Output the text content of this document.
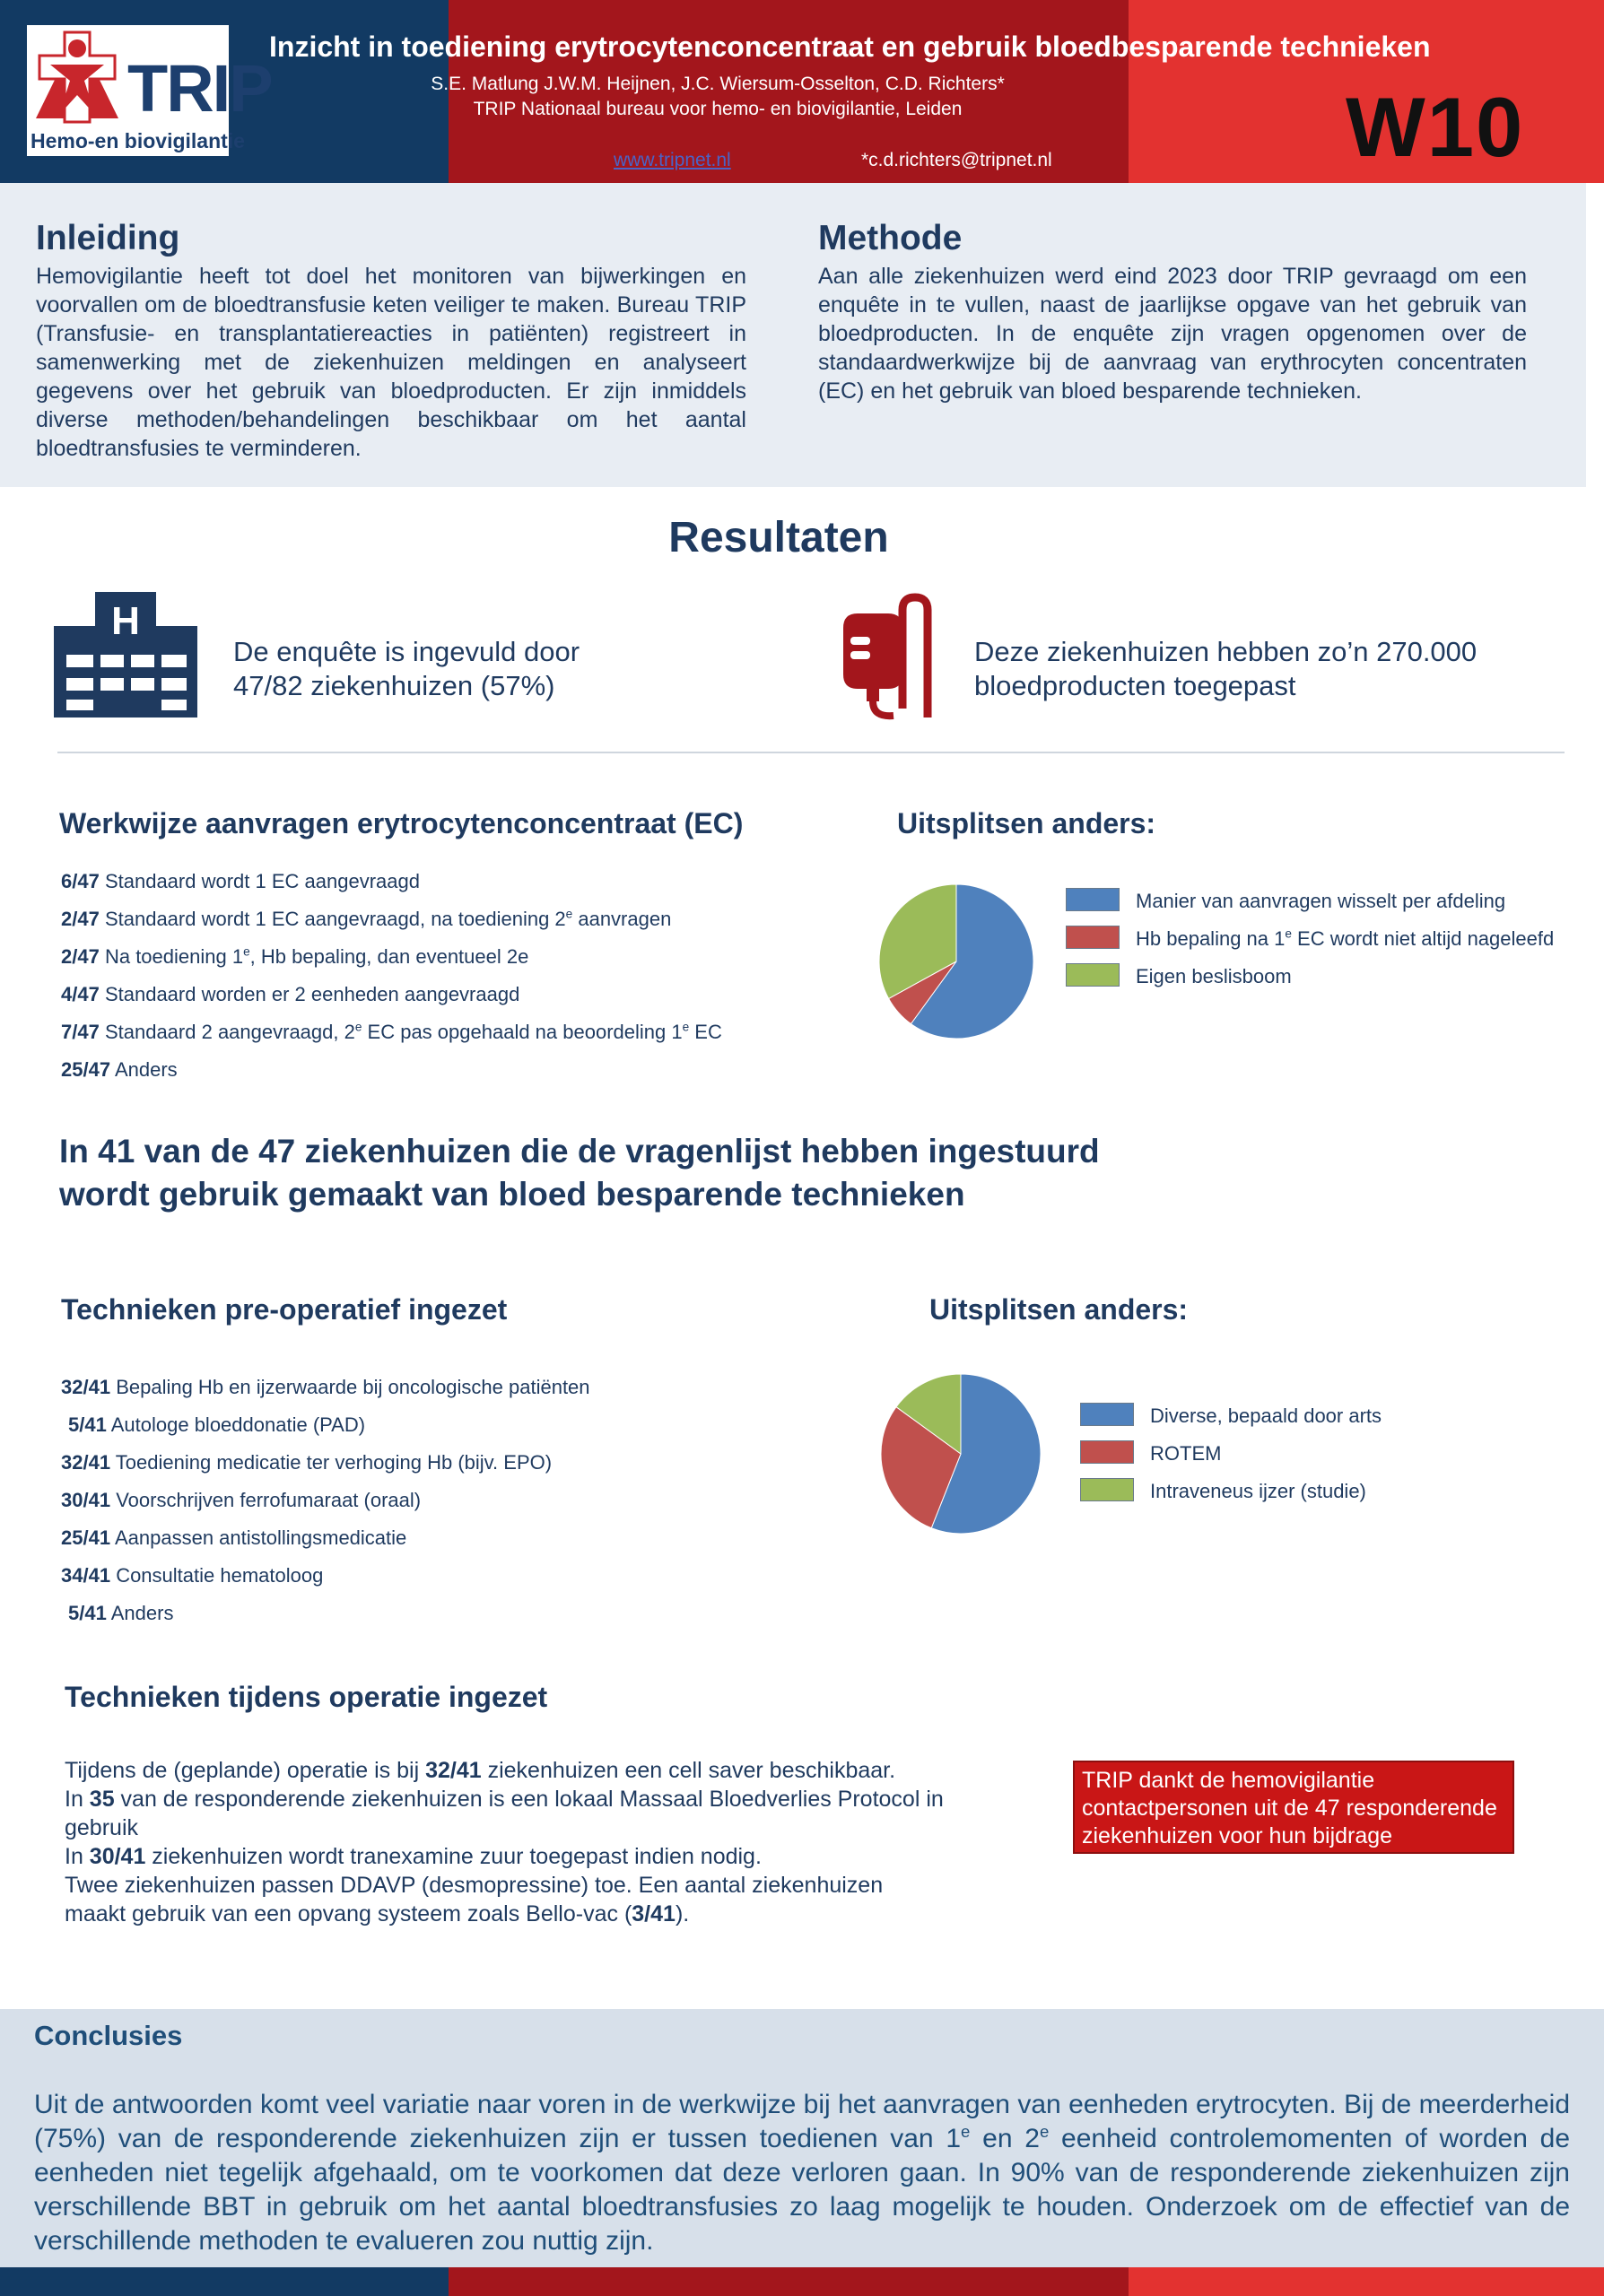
TRIP
Hemo-en biovigilantie
Inzicht in toediening erytrocytenconcentraat en gebruik bloedbesparende technieken
S.E. Matlung J.W.M. Heijnen, J.C. Wiersum-Osselton, C.D. Richters*
TRIP Nationaal bureau voor hemo- en biovigilantie, Leiden
www.tripnet.nl	*c.d.richters@tripnet.nl	W10
Inleiding
Hemovigilantie heeft tot doel het monitoren van bijwerkingen en voorvallen om de bloedtransfusie keten veiliger te maken. Bureau TRIP (Transfusie- en transplantatiereacties in patiënten) registreert in samenwerking met de ziekenhuizen meldingen en analyseert gegevens over het gebruik van bloedproducten. Er zijn inmiddels diverse methoden/behandelingen beschikbaar om het aantal bloedtransfusies te verminderen.
Methode
Aan alle ziekenhuizen werd eind 2023 door TRIP gevraagd om een enquête in te vullen, naast de jaarlijkse opgave van het gebruik van bloedproducten. In de enquête zijn vragen opgenomen over de standaardwerkwijze bij de aanvraag van erythrocyten concentraten (EC) en het gebruik van bloed besparende technieken.
Resultaten
H
De enquête is ingevuld door
47/82 ziekenhuizen (57%)
Deze ziekenhuizen hebben zo’n 270.000
bloedproducten toegepast
Werkwijze aanvragen erytrocytenconcentraat (EC)
6/47 Standaard wordt 1 EC aangevraagd
2/47 Standaard wordt 1 EC aangevraagd, na toediening 2e aanvragen
2/47 Na toediening 1e, Hb bepaling, dan eventueel 2e
4/47 Standaard worden er 2 eenheden aangevraagd
7/47 Standaard 2 aangevraagd, 2e EC pas opgehaald na beoordeling 1e EC
25/47 Anders
Uitsplitsen anders:
Manier van aanvragen wisselt per afdeling
Hb bepaling na 1e EC wordt niet altijd nageleefd
Eigen beslisboom
In 41 van de 47 ziekenhuizen die de vragenlijst hebben ingestuurd
wordt gebruik gemaakt van bloed besparende technieken
Technieken pre-operatief ingezet
32/41 Bepaling Hb en ijzerwaarde bij oncologische patiënten
5/41 Autologe bloeddonatie (PAD)
32/41 Toediening medicatie ter verhoging Hb (bijv. EPO)
30/41 Voorschrijven ferrofumaraat (oraal)
25/41 Aanpassen antistollingsmedicatie
34/41 Consultatie hematoloog
5/41 Anders
Uitsplitsen anders:
Diverse, bepaald door arts
ROTEM
Intraveneus ijzer (studie)
Technieken tijdens operatie ingezet
Tijdens de (geplande) operatie is bij 32/41 ziekenhuizen een cell saver beschikbaar.
In 35 van de responderende ziekenhuizen is een lokaal Massaal Bloedverlies Protocol in gebruik
In 30/41 ziekenhuizen wordt tranexamine zuur toegepast indien nodig.
Twee ziekenhuizen passen DDAVP (desmopressine) toe. Een aantal ziekenhuizen maakt gebruik van een opvang systeem zoals Bello-vac (3/41).
TRIP dankt de hemovigilantie contactpersonen uit de 47 responderende ziekenhuizen voor hun bijdrage
Conclusies
Uit de antwoorden komt veel variatie naar voren in de werkwijze bij het aanvragen van eenheden erytrocyten. Bij de meerderheid (75%) van de responderende ziekenhuizen zijn er tussen toedienen van 1e en 2e eenheid controlemomenten of worden de eenheden niet tegelijk afgehaald, om te voorkomen dat deze verloren gaan. In 90% van de responderende ziekenhuizen zijn verschillende BBT in gebruik om het aantal bloedtransfusies zo laag mogelijk te houden. Onderzoek om de effectief van de verschillende methoden te evalueren zou nuttig zijn.
